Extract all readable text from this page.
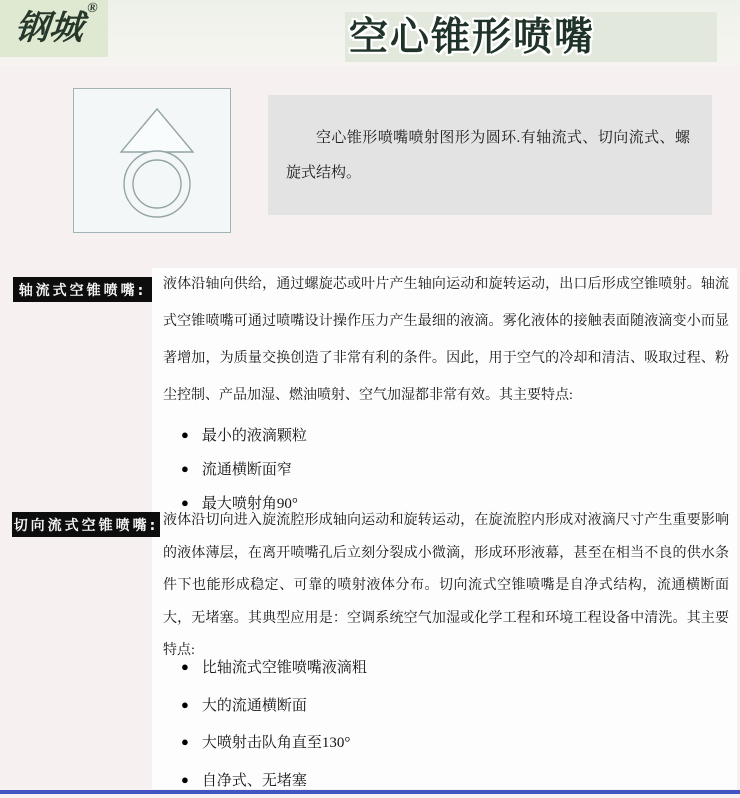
钢城®
空心锥形喷嘴

空心锥形喷嘴喷射图形为圆环.有轴流式、切向流式、螺旋式结构。

轴流式空锥喷嘴:	液体沿轴向供给，通过螺旋芯或叶片产生轴向运动和旋转运动，出口后形成空锥喷射。轴流式空锥喷嘴可通过喷嘴设计操作压力产生最细的液滴。雾化液体的接触表面随液滴变小而显著增加，为质量交换创造了非常有利的条件。因此，用于空气的冷却和清洁、吸取过程、粉尘控制、产品加湿、燃油喷射、空气加湿都非常有效。其主要特点:

● 最小的液滴颗粒
● 流通横断面窄
● 最大喷射角90°
切向流式空锥喷嘴: 液体沿切向进入旋流腔形成轴向运动和旋转运动，在旋流腔内形成对液滴尺寸产生重要影响的液体薄层，在离开喷嘴孔后立刻分裂成小微滴，形成环形液幕，甚至在相当不良的供水条件下也能形成稳定、可靠的喷射液体分布。切向流式空锥喷嘴是自净式结构，流通横断面大，无堵塞。其典型应用是：空调系统空气加湿或化学工程和环境工程设备中清洗。其主要特点:

● 比轴流式空锥喷嘴液滴粗
● 大的流通横断面
● 大喷射击队角直至130°
● 自净式、无堵塞
